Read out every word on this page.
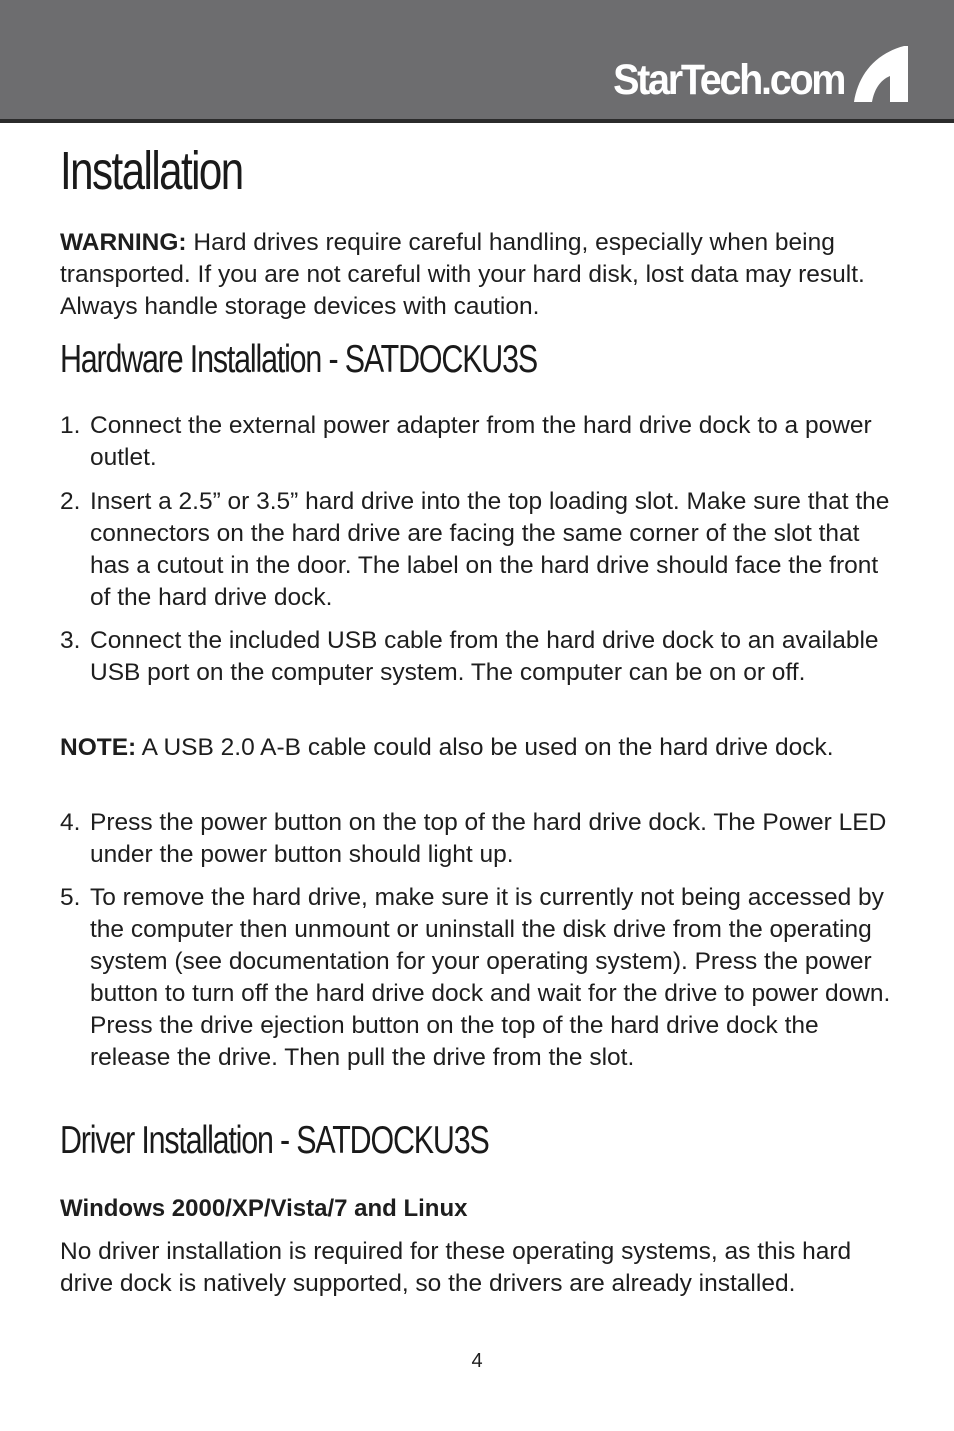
StarTech.com
Installation

WARNING: Hard drives require careful handling, especially when being transported. If you are not careful with your hard disk, lost data may result. Always handle storage devices with caution.

Hardware Installation - SATDOCKU3S
1. Connect the external power adapter from the hard drive dock to a power outlet.
2. Insert a 2.5” or 3.5” hard drive into the top loading slot. Make sure that the connectors on the hard drive are facing the same corner of the slot that has a cutout in the door. The label on the hard drive should face the front of the hard drive dock.
3. Connect the included USB cable from the hard drive dock to an available USB port on the computer system. The computer can be on or off.

NOTE: A USB 2.0 A-B cable could also be used on the hard drive dock.

4. Press the power button on the top of the hard drive dock. The Power LED under the power button should light up.
5. To remove the hard drive, make sure it is currently not being accessed by the computer then unmount or uninstall the disk drive from the operating system (see documentation for your operating system). Press the power button to turn off the hard drive dock and wait for the drive to power down. Press the drive ejection button on the top of the hard drive dock the release the drive. Then pull the drive from the slot.
Driver Installation - SATDOCKU3S
Windows 2000/XP/Vista/7 and Linux

No driver installation is required for these operating systems, as this hard drive dock is natively supported, so the drivers are already installed.

4
